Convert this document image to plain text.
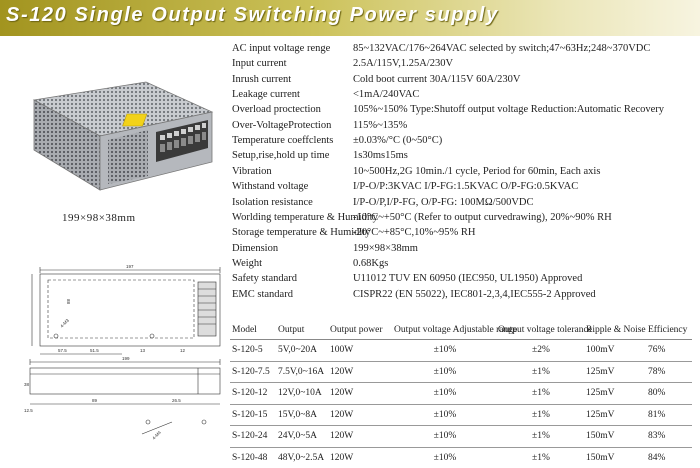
S-120 Single Output Switching Power supply
199×98×38mm
197
88
4-M3
57.5	51.5	13	12
199
89	26.5
38
12.5
4-M4
AC input voltage renge 85~132VAC/176~264VAC selected by switch;47~63Hz;248~370VDC
Input current	2.5A/115V,1.25A/230V
Inrush current	Cold boot current 30A/115V 60A/230V
Leakage current	<1mA/240VAC
Overload proctection	105%~150% Type:Shutoff output voltage Reduction:Automatic Recovery
Over-VoltageProtection 115%~135%
Temperature coeffclents ±0.03%/°C (0~50°C)
Setup,rise,hold up time 1s30ms15ms
Vibration	10~500Hz,2G 10min./1 cycle, Period for 60min, Each axis
Withstand voltage	I/P-O/P:3KVAC I/P-FG:1.5KVAC O/P-FG:0.5KVAC
Isolation resistance	I/P-O/P,I/P-FG, O/P-FG: 100MΩ/500VDC
Worlding temperature & Humidity
-10°C~+50°C (Refer to output curvedrawing), 20%~90% RH
Storage temperature & Humidity
-20°C~+85°C,10%~95% RH
Dimension	199×98×38mm
Weight	0.68Kgs
Safety standard	U11012 TUV EN 60950 (IEC950, UL1950) Approved
EMC standard	CISPR22 (EN 55022), IEC801-2,3,4,IEC555-2 Approved
Model	Output	Output power	Output voltage Adjustable range	Output voltage tolerance	Ripple & Noise	Efficiency
S-120-5	5V,0~20A	100W	±10%	±2%	100mV	76%
S-120-7.5	7.5V,0~16A	120W	±10%	±1%	125mV	78%
S-120-12	12V,0~10A	120W	±10%	±1%	125mV	80%
S-120-15	15V,0~8A	120W	±10%	±1%	125mV	81%
S-120-24	24V,0~5A	120W	±10%	±1%	150mV	83%
S-120-48	48V,0~2.5A	120W	±10%	±1%	150mV	84%
